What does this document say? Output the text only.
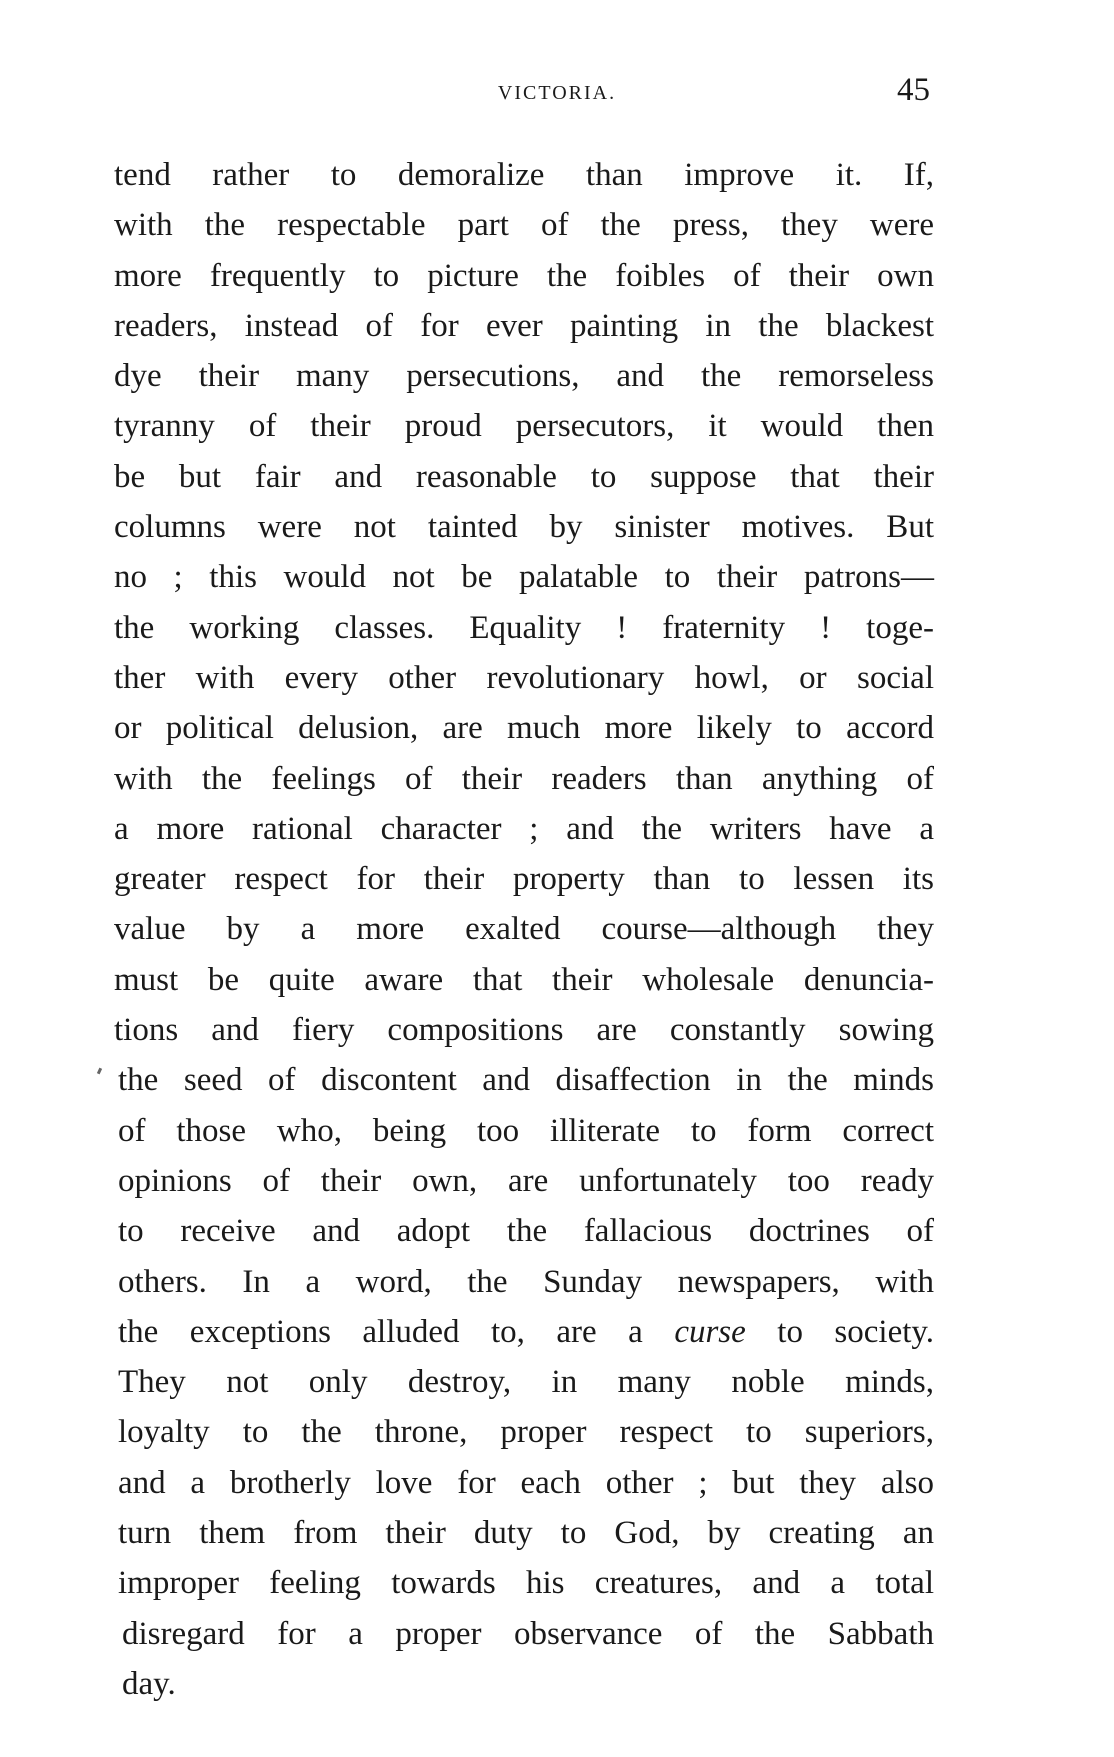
VICTORIA.	45
tend rather to demoralize than improve it. If,
with the respectable part of the press, they were
more frequently to picture the foibles of their own
readers, instead of for ever painting in the blackest
dye their many persecutions, and the remorseless
tyranny of their proud persecutors, it would then
be but fair and reasonable to suppose that their
columns were not tainted by sinister motives. But
no ; this would not be palatable to their patrons—
the working classes. Equality ! fraternity ! toge-
ther with every other revolutionary howl, or social
or political delusion, are much more likely to accord
with the feelings of their readers than anything of
a more rational character ; and the writers have a
greater respect for their property than to lessen its
value by a more exalted course—although they
must be quite aware that their wholesale denuncia-
tions and fiery compositions are constantly sowing
the seed of discontent and disaffection in the minds
of those who, being too illiterate to form correct
opinions of their own, are unfortunately too ready
to receive and adopt the fallacious doctrines of
others. In a word, the Sunday newspapers, with
the exceptions alluded to, are a curse to society.
They not only destroy, in many noble minds,
loyalty to the throne, proper respect to superiors,
and a brotherly love for each other ; but they also
turn them from their duty to God, by creating an
improper feeling towards his creatures, and a total
disregard for a proper observance of the Sabbath
day.
